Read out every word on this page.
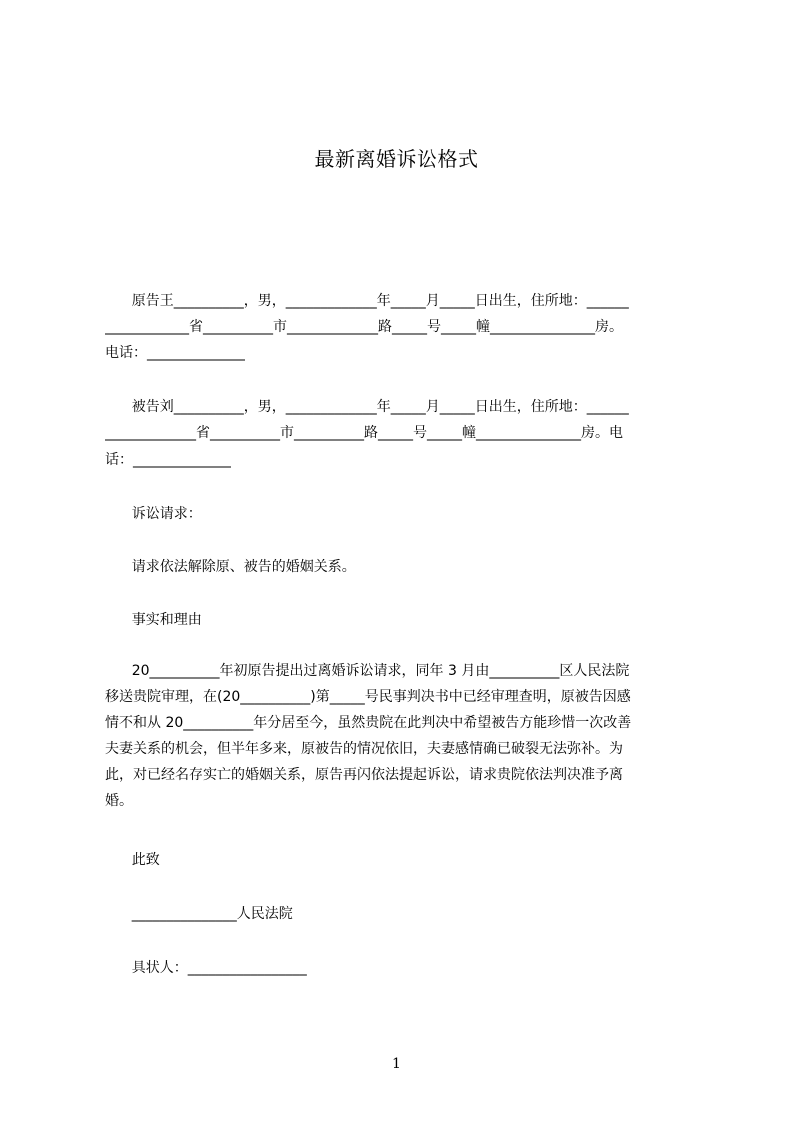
最新离婚诉讼格式
原告王__________，男，_____________年_____月_____日出生，住所地：______
____________省__________市_____________路_____号_____幢_______________房。
电话：______________
被告刘__________，男，_____________年_____月_____日出生，住所地：______
_____________省__________市__________路_____号_____幢_______________房。电
话：______________
诉讼请求：
请求依法解除原、被告的婚姻关系。
事实和理由
20__________年初原告提出过离婚诉讼请求，同年 3 月由__________区人民法院
移送贵院审理，在(20__________)第_____号民事判决书中已经审理查明，原被告因感
情不和从 20__________年分居至今，虽然贵院在此判决中希望被告方能珍惜一次改善
夫妻关系的机会，但半年多来，原被告的情况依旧，夫妻感情确已破裂无法弥补。为
此，对已经名存实亡的婚姻关系，原告再闪依法提起诉讼，请求贵院依法判决准予离
婚。
此致
_______________人民法院
具状人：_________________
1
